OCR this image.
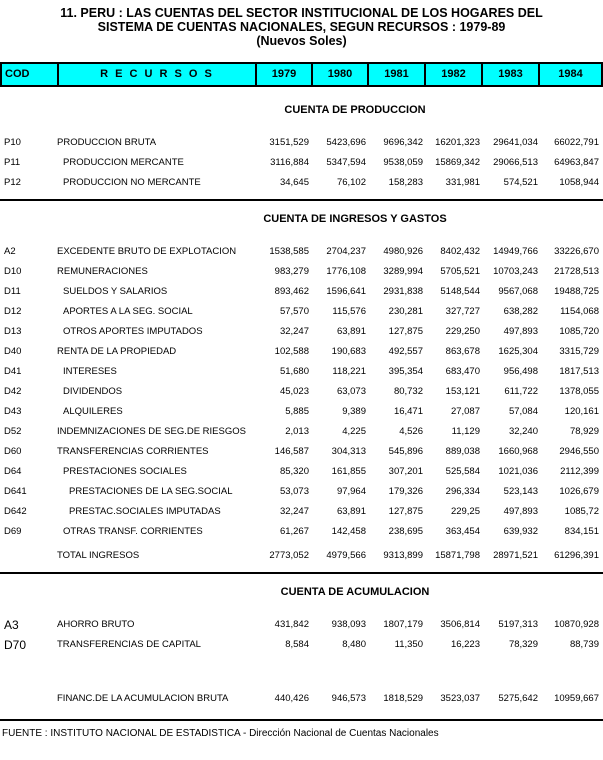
11. PERU : LAS CUENTAS DEL SECTOR INSTITUCIONAL DE LOS HOGARES DEL
SISTEMA DE CUENTAS NACIONALES, SEGUN RECURSOS : 1979-89
(Nuevos Soles)
COD	R E C U R S O S	1979	1980	1981	1982	1983	1984
CUENTA DE PRODUCCION
P10	PRODUCCION BRUTA	3151,529 5423,696 9696,342 16201,323 29641,034 66022,791
P11	PRODUCCION MERCANTE	3116,884 5347,594 9538,059 15869,342 29066,513 64963,847
P12	PRODUCCION NO MERCANTE	34,645	76,102 158,283 331,981 574,521 1058,944
CUENTA DE INGRESOS Y GASTOS
A2	EXCEDENTE BRUTO DE EXPLOTACION	1538,585 2704,237 4980,926 8402,432 14949,766 33226,670
D10	REMUNERACIONES	983,279 1776,108 3289,994 5705,521 10703,243 21728,513
D11	SUELDOS Y SALARIOS	893,462 1596,641 2931,838 5148,544 9567,068 19488,725
D12	APORTES A LA SEG. SOCIAL	57,570 115,576 230,281 327,727 638,282 1154,068
D13	OTROS APORTES IMPUTADOS	32,247	63,891 127,875 229,250 497,893 1085,720
D40	RENTA DE LA PROPIEDAD	102,588 190,683 492,557 863,678 1625,304 3315,729
D41	INTERESES	51,680 118,221 395,354 683,470 956,498 1817,513
D42	DIVIDENDOS	45,023	63,073	80,732 153,121	611,722 1378,055
D43	ALQUILERES	5,885	9,389	16,471	27,087	57,084	120,161
D52	INDEMNIZACIONES DE SEG.DE RIESGOS	2,013	4,225	4,526	11,129	32,240	78,929
D60	TRANSFERENCIAS CORRIENTES	146,587 304,313 545,896 889,038 1660,968 2946,550
D64	PRESTACIONES SOCIALES	85,320 161,855 307,201 525,584 1021,036 2112,399
D641	PRESTACIONES DE LA SEG.SOCIAL	53,073	97,964 179,326 296,334 523,143 1026,679
D642	PRESTAC.SOCIALES IMPUTADAS	32,247	63,891 127,875	229,25 497,893	1085,72
D69	OTRAS TRANSF. CORRIENTES	61,267 142,458 238,695 363,454 639,932	834,151
TOTAL INGRESOS	2773,052 4979,566 9313,899 15871,798 28971,521 61296,391
CUENTA DE ACUMULACION
A3	AHORRO BRUTO	431,842 938,093 1807,179 3506,814 5197,313 10870,928
D70	TRANSFERENCIAS DE CAPITAL	8,584	8,480	11,350	16,223	78,329	88,739
FINANC.DE LA ACUMULACION BRUTA	440,426 946,573 1818,529 3523,037 5275,642 10959,667
FUENTE : INSTITUTO NACIONAL DE ESTADISTICA - Dirección Nacional de Cuentas Nacionales
